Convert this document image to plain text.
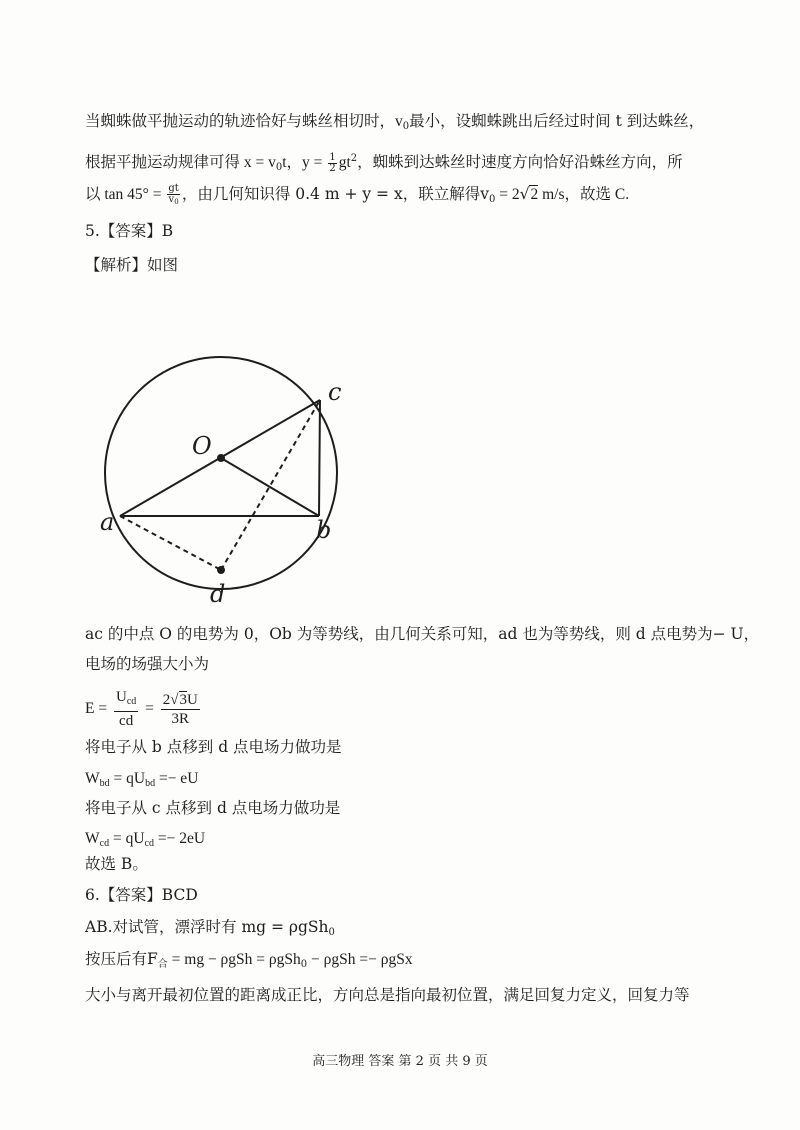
当蜘蛛做平抛运动的轨迹恰好与蛛丝相切时，$v_0$最小，设蜘蛛跳出后经过时间 t 到达蛛丝，
根据平抛运动规律可得 $x = v_0t$，$y = \frac{1}{2} gt^2$，蜘蛛到达蛛丝时速度方向恰好沿蛛丝方向，所
以 $\tan 45^\circ = \frac{gt}{v_0}$ ，由几何知识得 0.4 m + y = x，联立解得$v_0 = 2√2$ m/s，故选 C.
5.【答案】B
【解析】如图
O
c
a	b
d
ac 的中点 O 的电势为 0，Ob 为等势线，由几何关系可知，ad 也为等势线，则 d 点电势为− U，
电场的场强大小为
$E = \frac{U_{cd}}{cd} = \frac{2√3U}{3R}$
将电子从 b 点移到 d 点电场力做功是
$W_{bd} = qU_{bd}$ =− eU
将电子从 c 点移到 d 点电场力做功是
$W_{cd} = qU_{cd} =- 2eU$
故选 B。
6.【答案】BCD
AB.对试管，漂浮时有 mg = ρgSh$_0$
按压后有$F_合$ = mg − ρgSh = ρgSh$_0$ − ρgSh =− ρgSx
大小与离开最初位置的距离成正比，方向总是指向最初位置，满足回复力定义，回复力等
高三物理 答案 第 2 页 共 9 页
